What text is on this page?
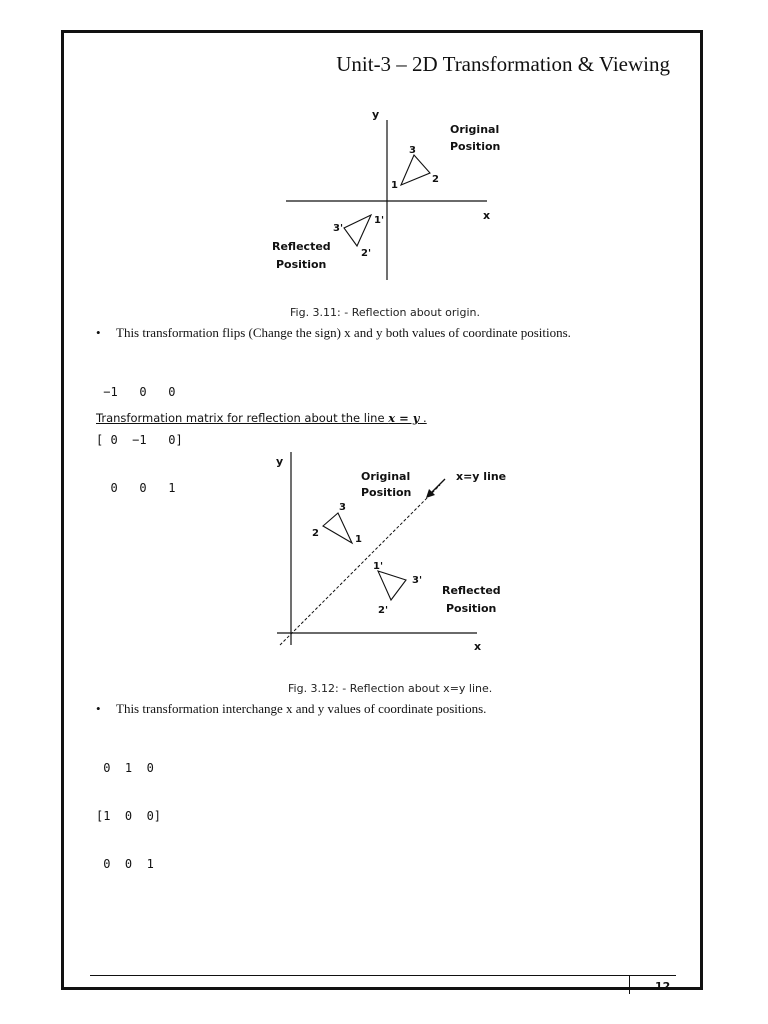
Unit-3 – 2D Transformation & Viewing
y
x
1
2
3
Original
Position
1'
2'
3'
Reflected
Position
y
x
x=y line
2
3
1
Original
Position
1'
2'
3'
Reflected
Position
Fig. 3.11: - Reflection about origin.
• This transformation flips (Change the sign) x and y both values of coordinate positions.

−1   0   0

[ 0  −1   0]

0   0   1

Transformation matrix for reflection about the line x = y .
Fig. 3.12: - Reflection about x=y line.
• This transformation interchange x and y values of coordinate positions.

0  1  0

[1  0  0]

0  0  1

12
